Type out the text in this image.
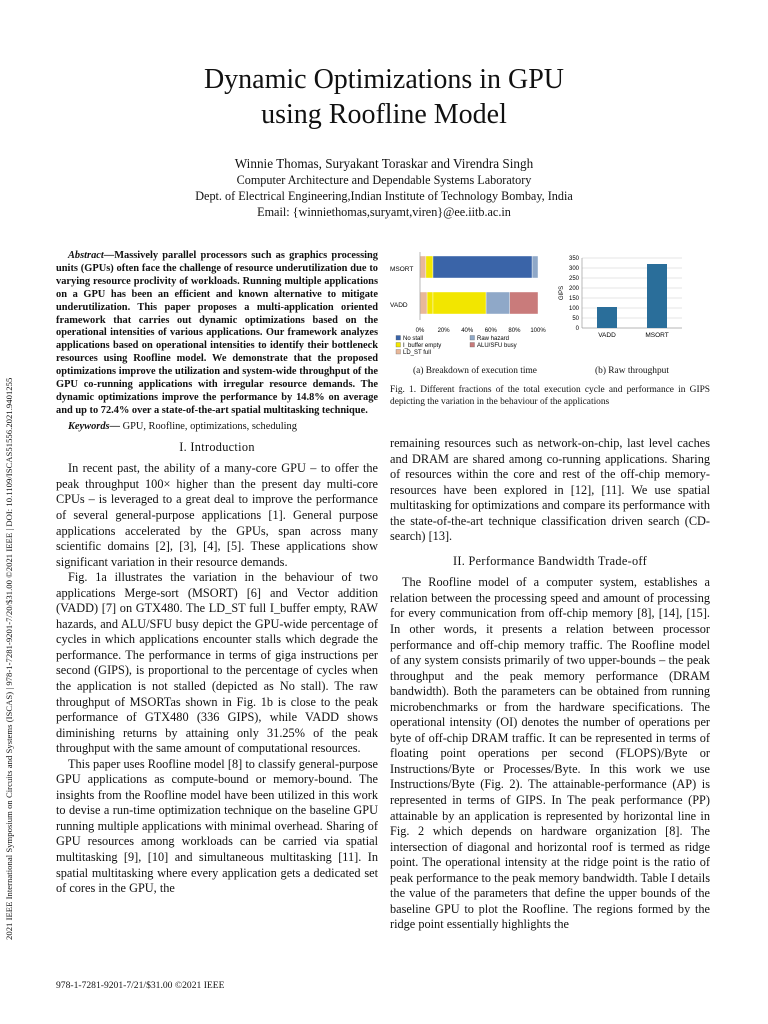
2021 IEEE International Symposium on Circuits and Systems (ISCAS) | 978-1-7281-9201-7/20/$31.00 ©2021 IEEE | DOI: 10.1109/ISCAS51556.2021.9401255
Dynamic Optimizations in GPU
using Roofline Model
Winnie Thomas, Suryakant Toraskar and Virendra Singh
Computer Architecture and Dependable Systems Laboratory
Dept. of Electrical Engineering,Indian Institute of Technology Bombay, India
Email: {winniethomas,suryamt,viren}@ee.iitb.ac.in
Abstract—Massively parallel processors such as graphics processing units (GPUs) often face the challenge of resource underutilization due to varying resource proclivity of workloads. Running multiple applications on a GPU has been an efficient and known alternative to mitigate underutilization. This paper proposes a multi-application oriented framework that carries out dynamic optimizations based on the operational intensities of various applications. Our framework analyzes applications based on operational intensities to identify their bottleneck resources using Roofline model. We demonstrate that the proposed optimizations improve the utilization and system-wide throughput of the GPU co-running applications with irregular resource demands. The dynamic optimizations improve the performance by 14.8% on average and up to 72.4% over a state-of-the-art spatial multitasking technique.
Keywords— GPU, Roofline, optimizations, scheduling
I. Introduction

In recent past, the ability of a many-core GPU – to offer the peak throughput 100× higher than the present day multi-core CPUs – is leveraged to a great deal to improve the performance of several general-purpose applications [1]. General purpose applications accelerated by the GPUs, span across many scientific domains [2], [3], [4], [5]. These applications show significant variation in their resource demands.

Fig. 1a illustrates the variation in the behaviour of two applications Merge-sort (MSORT) [6] and Vector addition (VADD) [7] on GTX480. The LD_ST full I_buffer empty, RAW hazards, and ALU/SFU busy depict the GPU-wide percentage of cycles in which applications encounter stalls which degrade the performance. The performance in terms of giga instructions per second (GIPS), is proportional to the percentage of cycles when the application is not stalled (depicted as No stall). The raw throughput of MSORTas shown in Fig. 1b is close to the peak performance of GTX480 (336 GIPS), while VADD shows diminishing returns by attaining only 31.25% of the peak throughput with the same amount of computational resources.

This paper uses Roofline model [8] to classify general-purpose GPU applications as compute-bound or memory-bound. The insights from the Roofline model have been utilized in this work to devise a run-time optimization technique on the baseline GPU running multiple applications with minimal overhead. Sharing of GPU resources among workloads can be carried via spatial multitasking [9], [10] and simultaneous multitasking [11]. In spatial multitasking where every application gets a dedicated set of cores in the GPU, the

MSORT
VADD
0% 20% 40% 60% 80% 100%
No stall	Raw hazard
I_buffer empty	ALU/SFU busy
LD_ST full
0
50
100
150
200
250
300
350
GIPS
VADD	MSORT
(a) Breakdown of execution time	(b) Raw throughput
Fig. 1. Different fractions of the total execution cycle and performance in GIPS depicting the variation in the behaviour of the applications

remaining resources such as network-on-chip, last level caches and DRAM are shared among co-running applications. Sharing of resources within the core and rest of the off-chip memory-resources have been explored in [12], [11]. We use spatial multitasking for optimizations and compare its performance with the state-of-the-art technique classification driven search (CD-search) [13].

II. Performance Bandwidth Trade-off

The Roofline model of a computer system, establishes a relation between the processing speed and amount of processing for every communication from off-chip memory [8], [14], [15]. In other words, it presents a relation between processor performance and off-chip memory traffic. The Roofline model of any system consists primarily of two upper-bounds – the peak throughput and the peak memory performance (DRAM bandwidth). Both the parameters can be obtained from running microbenchmarks or from the hardware specifications. The operational intensity (OI) denotes the number of operations per byte of off-chip DRAM traffic. It can be represented in terms of floating point operations per second (FLOPS)/Byte or Instructions/Byte or Processes/Byte. In this work we use Instructions/Byte (Fig. 2). The attainable-performance (AP) is represented in terms of GIPS. In The peak performance (PP) attainable by an application is represented by horizontal line in Fig. 2 which depends on hardware organization [8]. The intersection of diagonal and horizontal roof is termed as ridge point. The operational intensity at the ridge point is the ratio of peak performance to the peak memory bandwidth. Table I details the value of the parameters that define the upper bounds of the baseline GPU to plot the Roofline. The regions formed by the ridge point essentially highlights the

978-1-7281-9201-7/21/$31.00 ©2021 IEEE
